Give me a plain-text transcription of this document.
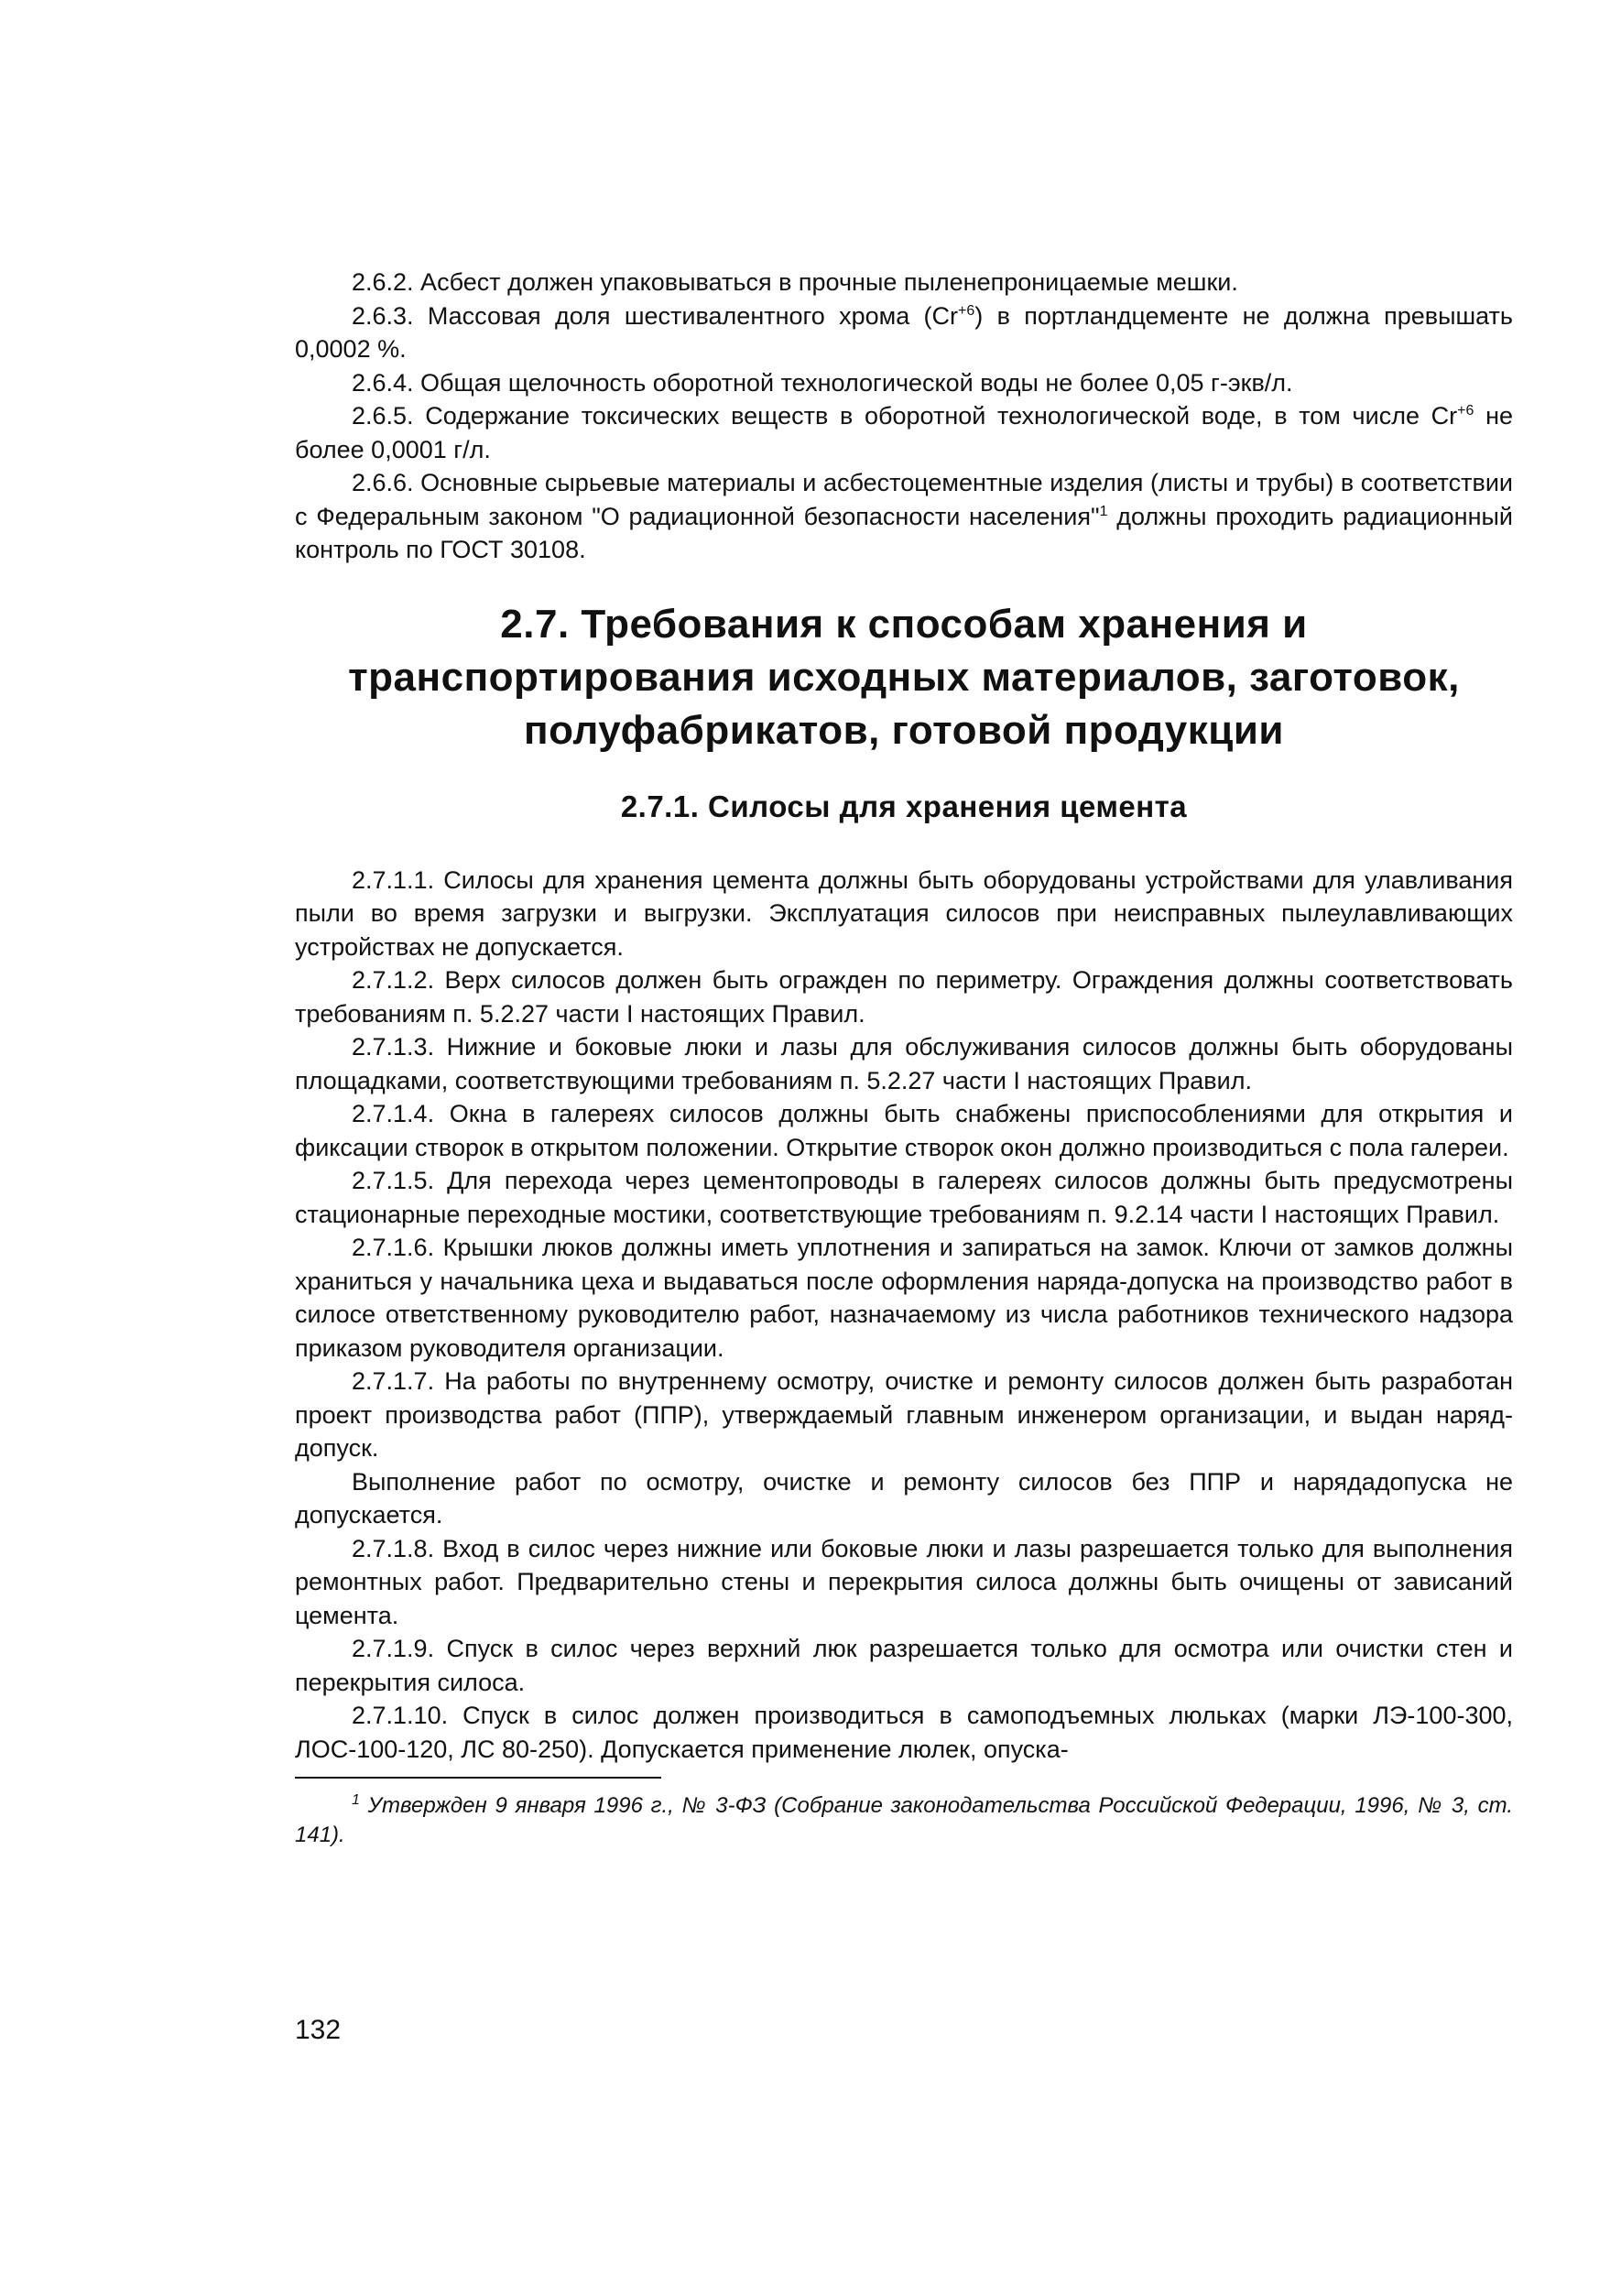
2.6.2. Асбест должен упаковываться в прочные пыленепроницаемые мешки.

2.6.3. Массовая доля шестивалентного хрома $(Cr^{+6})$ в портландцементе не должна превышать 0,0002 %.

2.6.4. Общая щелочность оборотной технологической воды не более 0,05 г-экв/л.

2.6.5. Содержание токсических веществ в оборотной технологической воде, в том числе $Cr^{+6}$ не более 0,0001 г/л.

2.6.6. Основные сырьевые материалы и асбестоцементные изделия (листы и трубы) в соответствии с Федеральным законом "О радиационной безопасности населения"$^1$ должны проходить радиационный контроль по ГОСТ 30108.

2.7. Требования к способам хранения и транспортирования исходных материалов, заготовок, полуфабрикатов, готовой продукции
2.7.1. Силосы для хранения цемента

2.7.1.1. Силосы для хранения цемента должны быть оборудованы устройствами для улавливания пыли во время загрузки и выгрузки. Эксплуатация силосов при неисправных пылеулавливающих устройствах не допускается.

2.7.1.2. Верх силосов должен быть огражден по периметру. Ограждения должны соответствовать требованиям п. 5.2.27 части I настоящих Правил.

2.7.1.3. Нижние и боковые люки и лазы для обслуживания силосов должны быть оборудованы площадками, соответствующими требованиям п. 5.2.27 части I настоящих Правил.

2.7.1.4. Окна в галереях силосов должны быть снабжены приспособлениями для открытия и фиксации створок в открытом положении. Открытие створок окон должно производиться с пола галереи.

2.7.1.5. Для перехода через цементопроводы в галереях силосов должны быть предусмотрены стационарные переходные мостики, соответствующие требованиям п. 9.2.14 части I настоящих Правил.

2.7.1.6. Крышки люков должны иметь уплотнения и запираться на замок. Ключи от замков должны храниться у начальника цеха и выдаваться после оформления наряда-допуска на производство работ в силосе ответственному руководителю работ, назначаемому из числа работников технического надзора приказом руководителя организации.

2.7.1.7. На работы по внутреннему осмотру, очистке и ремонту силосов должен быть разработан проект производства работ (ППР), утверждаемый главным инженером организации, и выдан наряд-допуск.

Выполнение работ по осмотру, очистке и ремонту силосов без ППР и нарядадопуска не допускается.

2.7.1.8. Вход в силос через нижние или боковые люки и лазы разрешается только для выполнения ремонтных работ. Предварительно стены и перекрытия силоса должны быть очищены от зависаний цемента.

2.7.1.9. Спуск в силос через верхний люк разрешается только для осмотра или очистки стен и перекрытия силоса.

2.7.1.10. Спуск в силос должен производиться в самоподъемных люльках (марки ЛЭ-100-300, ЛОС-100-120, ЛС 80-250). Допускается применение люлек, опуска-

$^1$ Утвержден 9 января 1996 г., № 3-ФЗ (Собрание законодательства Российской Федерации, 1996, № 3, ст. 141).

132
